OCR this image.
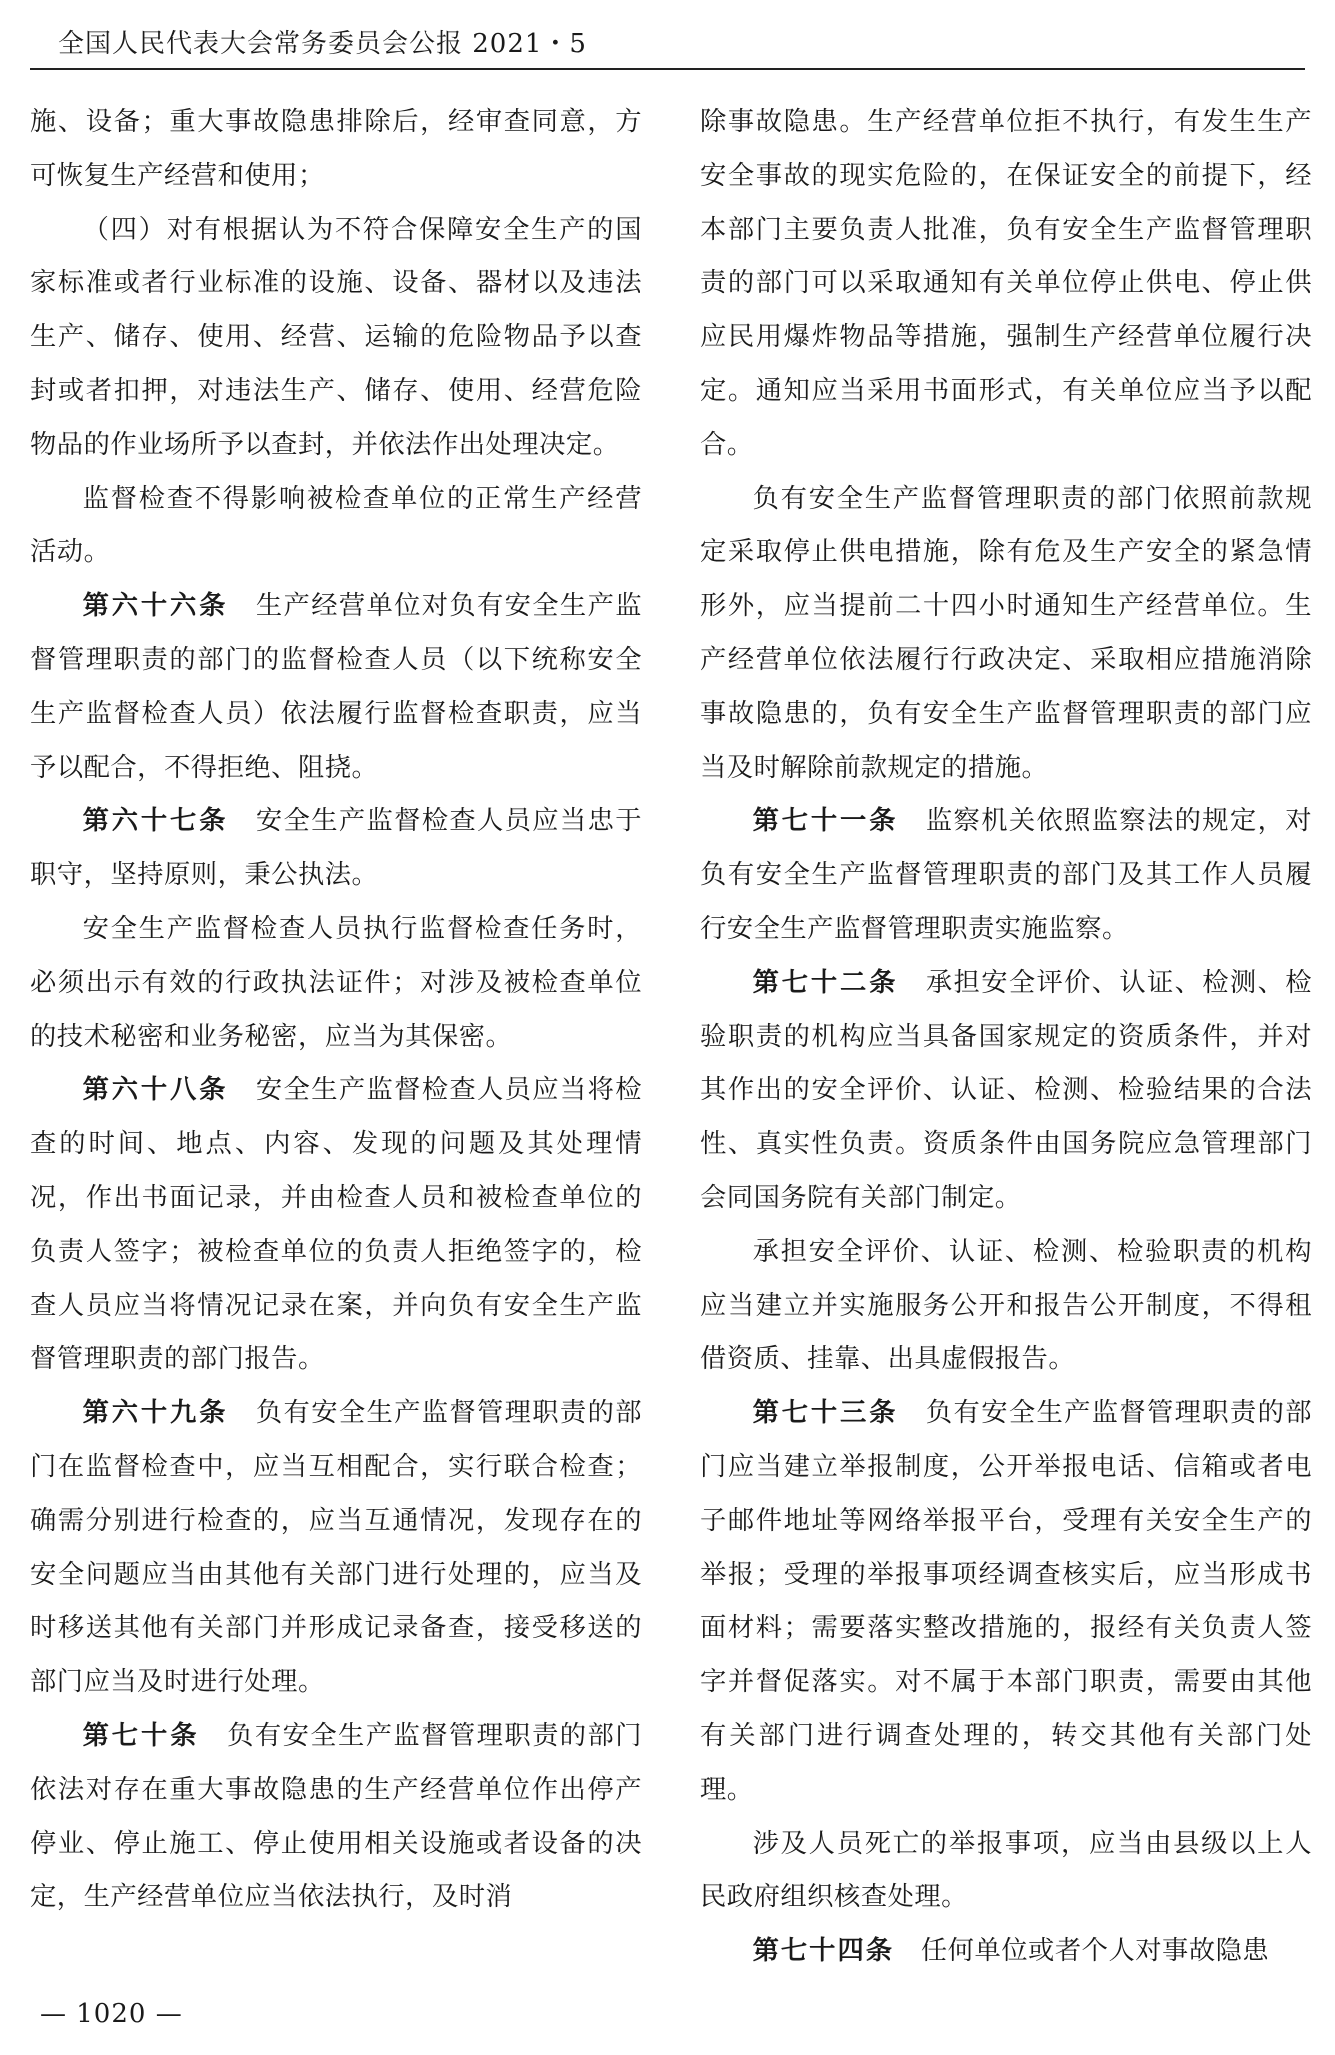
全国人民代表大会常务委员会公报 2021・5

施、设备；重大事故隐患排除后，经审查同意，方可恢复生产经营和使用；

（四）对有根据认为不符合保障安全生产的国家标准或者行业标准的设施、设备、器材以及违法生产、储存、使用、经营、运输的危险物品予以查封或者扣押，对违法生产、储存、使用、经营危险物品的作业场所予以查封，并依法作出处理决定。

监督检查不得影响被检查单位的正常生产经营活动。

第六十六条  生产经营单位对负有安全生产监督管理职责的部门的监督检查人员（以下统称安全生产监督检查人员）依法履行监督检查职责，应当予以配合，不得拒绝、阻挠。

第六十七条  安全生产监督检查人员应当忠于职守，坚持原则，秉公执法。

安全生产监督检查人员执行监督检查任务时，必须出示有效的行政执法证件；对涉及被检查单位的技术秘密和业务秘密，应当为其保密。

第六十八条  安全生产监督检查人员应当将检查的时间、地点、内容、发现的问题及其处理情况，作出书面记录，并由检查人员和被检查单位的负责人签字；被检查单位的负责人拒绝签字的，检查人员应当将情况记录在案，并向负有安全生产监督管理职责的部门报告。

第六十九条  负有安全生产监督管理职责的部门在监督检查中，应当互相配合，实行联合检查；确需分别进行检查的，应当互通情况，发现存在的安全问题应当由其他有关部门进行处理的，应当及时移送其他有关部门并形成记录备查，接受移送的部门应当及时进行处理。

第七十条  负有安全生产监督管理职责的部门依法对存在重大事故隐患的生产经营单位作出停产停业、停止施工、停止使用相关设施或者设备的决定，生产经营单位应当依法执行，及时消

除事故隐患。生产经营单位拒不执行，有发生生产安全事故的现实危险的，在保证安全的前提下，经本部门主要负责人批准，负有安全生产监督管理职责的部门可以采取通知有关单位停止供电、停止供应民用爆炸物品等措施，强制生产经营单位履行决定。通知应当采用书面形式，有关单位应当予以配合。

负有安全生产监督管理职责的部门依照前款规定采取停止供电措施，除有危及生产安全的紧急情形外，应当提前二十四小时通知生产经营单位。生产经营单位依法履行行政决定、采取相应措施消除事故隐患的，负有安全生产监督管理职责的部门应当及时解除前款规定的措施。

第七十一条  监察机关依照监察法的规定，对负有安全生产监督管理职责的部门及其工作人员履行安全生产监督管理职责实施监察。

第七十二条  承担安全评价、认证、检测、检验职责的机构应当具备国家规定的资质条件，并对其作出的安全评价、认证、检测、检验结果的合法性、真实性负责。资质条件由国务院应急管理部门会同国务院有关部门制定。

承担安全评价、认证、检测、检验职责的机构应当建立并实施服务公开和报告公开制度，不得租借资质、挂靠、出具虚假报告。

第七十三条  负有安全生产监督管理职责的部门应当建立举报制度，公开举报电话、信箱或者电子邮件地址等网络举报平台，受理有关安全生产的举报；受理的举报事项经调查核实后，应当形成书面材料；需要落实整改措施的，报经有关负责人签字并督促落实。对不属于本部门职责，需要由其他有关部门进行调查处理的，转交其他有关部门处理。

涉及人员死亡的举报事项，应当由县级以上人民政府组织核查处理。

第七十四条  任何单位或者个人对事故隐患

— 1020 —
